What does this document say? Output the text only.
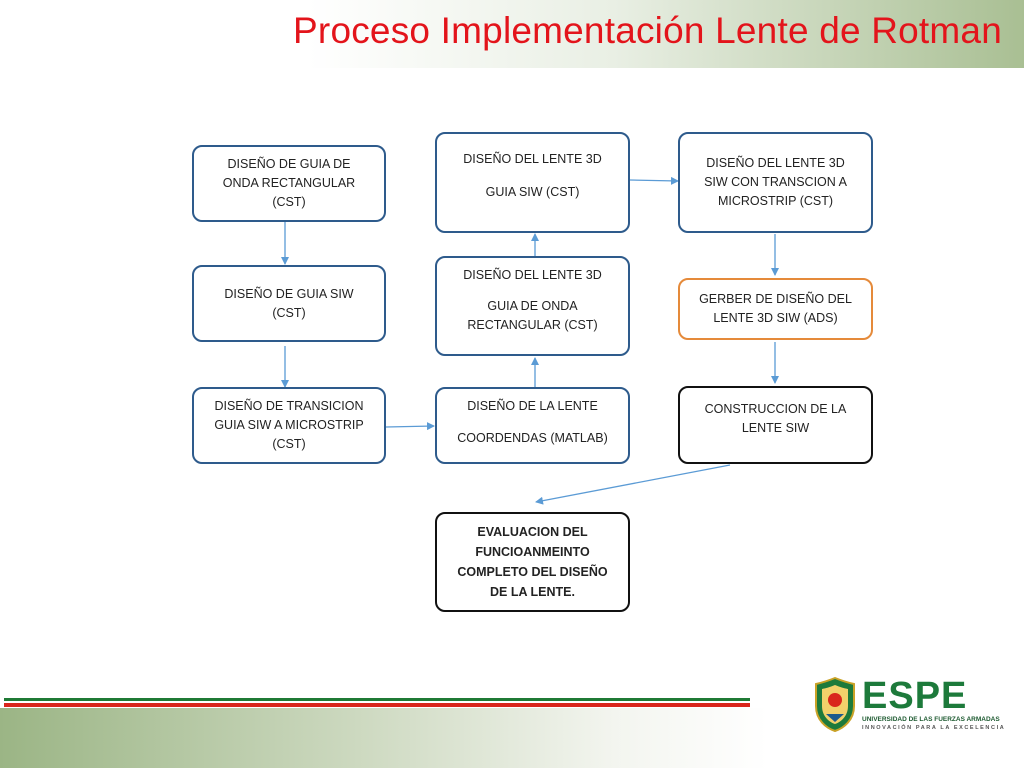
Proceso Implementación Lente de Rotman
DISEÑO DE GUIA DE
ONDA RECTANGULAR
(CST)
DISEÑO DE GUIA SIW
(CST)
DISEÑO DE TRANSICION
GUIA SIW A MICROSTRIP
(CST)
DISEÑO DEL LENTE 3D
GUIA SIW (CST)
DISEÑO DEL LENTE 3D
GUIA DE ONDA
RECTANGULAR (CST)
DISEÑO DE LA LENTE
COORDENDAS (MATLAB)
DISEÑO DEL LENTE 3D
SIW CON TRANSCION A
MICROSTRIP (CST)
GERBER DE DISEÑO DEL
LENTE 3D SIW (ADS)
CONSTRUCCION DE LA
LENTE SIW
EVALUACION DEL
FUNCIOANMEINTO
COMPLETO DEL DISEÑO
DE LA LENTE.
ESPE
UNIVERSIDAD DE LAS FUERZAS ARMADAS
INNOVACIÓN PARA LA EXCELENCIA
